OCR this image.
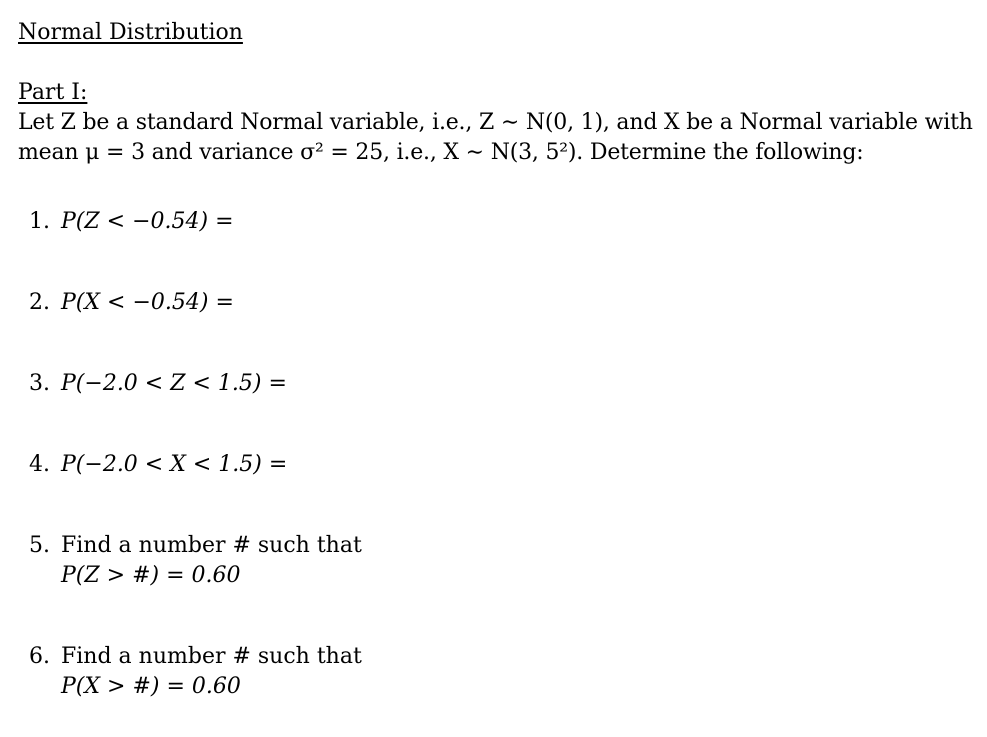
Normal Distribution
Part I:

Let Z be a standard Normal variable, i.e., Z ∼ N(0, 1), and X be a Normal variable with
mean μ = 3 and variance σ² = 25, i.e., X ∼ N(3, 5²). Determine the following:

1. P(Z < −0.54) =
2. P(X < −0.54) =
3. P(−2.0 < Z < 1.5) =
4. P(−2.0 < X < 1.5) =
5. Find a number # such that
P(Z > #) = 0.60
6. Find a number # such that
P(X > #) = 0.60
